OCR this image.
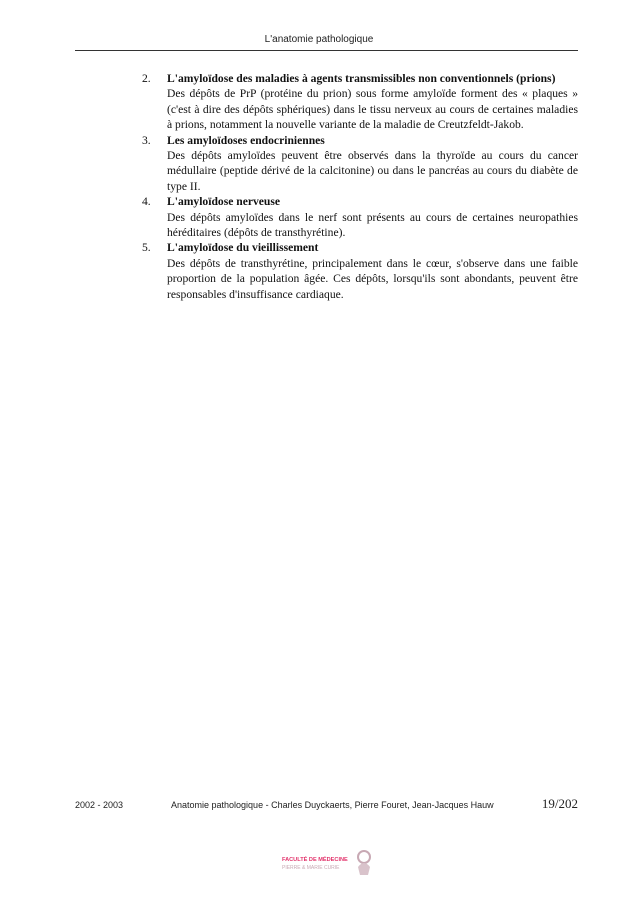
L'anatomie pathologique
2. L'amyloïdose des maladies à agents transmissibles non conventionnels (prions)
Des dépôts de PrP (protéine du prion) sous forme amyloïde forment des « plaques » (c'est à dire des dépôts sphériques) dans le tissu nerveux au cours de certaines maladies à prions, notamment la nouvelle variante de la maladie de Creutzfeldt-Jakob.
3. Les amyloïdoses endocriniennes
Des dépôts amyloïdes peuvent être observés dans la thyroïde au cours du cancer médullaire (peptide dérivé de la calcitonine) ou dans le pancréas au cours du diabète de type II.
4. L'amyloïdose nerveuse
Des dépôts amyloïdes dans le nerf sont présents au cours de certaines neuropathies héréditaires (dépôts de transthyrétine).
5. L'amyloïdose du vieillissement
Des dépôts de transthyrétine, principalement dans le cœur, s'observe dans une faible proportion de la population âgée. Ces dépôts, lorsqu'ils sont abondants, peuvent être responsables d'insuffisance cardiaque.
2002 - 2003	Anatomie pathologique - Charles Duyckaerts, Pierre Fouret, Jean-Jacques Hauw	19/202
FACULTÉ DE MÉDECINE
PIERRE & MARIE CURIE
